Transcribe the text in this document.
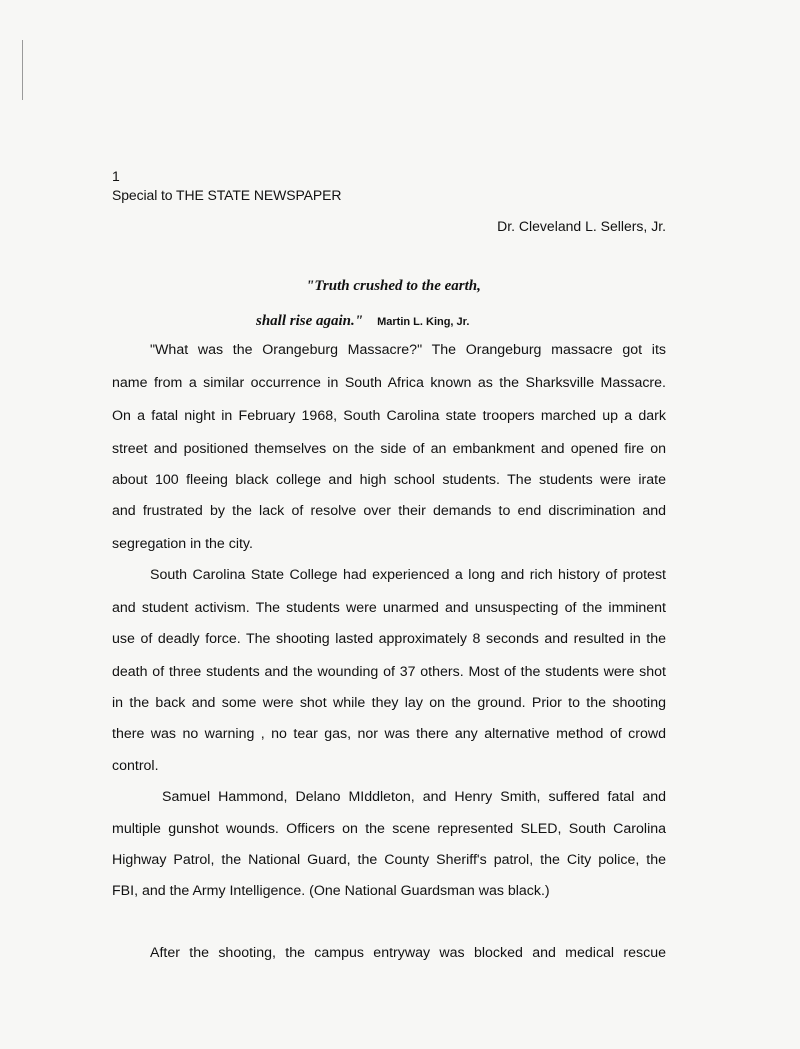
1
Special to THE STATE NEWSPAPER
Dr. Cleveland L. Sellers, Jr.
"Truth crushed to the earth,
shall rise again." Martin L. King, Jr.
"What was the Orangeburg Massacre?" The Orangeburg massacre got its
name from a similar occurrence in South Africa known as the Sharksville Massacre.
On a fatal night in February 1968, South Carolina state troopers marched up a dark
street and positioned themselves on the side of an embankment and opened fire on
about 100 fleeing black college and high school students. The students were irate
and frustrated by the lack of resolve over their demands to end discrimination and
segregation in the city.
South Carolina State College had experienced a long and rich history of protest
and student activism. The students were unarmed and unsuspecting of the imminent
use of deadly force. The shooting lasted approximately 8 seconds and resulted in the
death of three students and the wounding of 37 others. Most of the students were shot
in the back and some were shot while they lay on the ground. Prior to the shooting
there was no warning , no tear gas, nor was there any alternative method of crowd
control.
Samuel Hammond, Delano MIddleton, and Henry Smith, suffered fatal and
multiple gunshot wounds. Officers on the scene represented SLED, South Carolina
Highway Patrol, the National Guard, the County Sheriff's patrol, the City police, the
FBI, and the Army Intelligence. (One National Guardsman was black.)
After the shooting, the campus entryway was blocked and medical rescue
